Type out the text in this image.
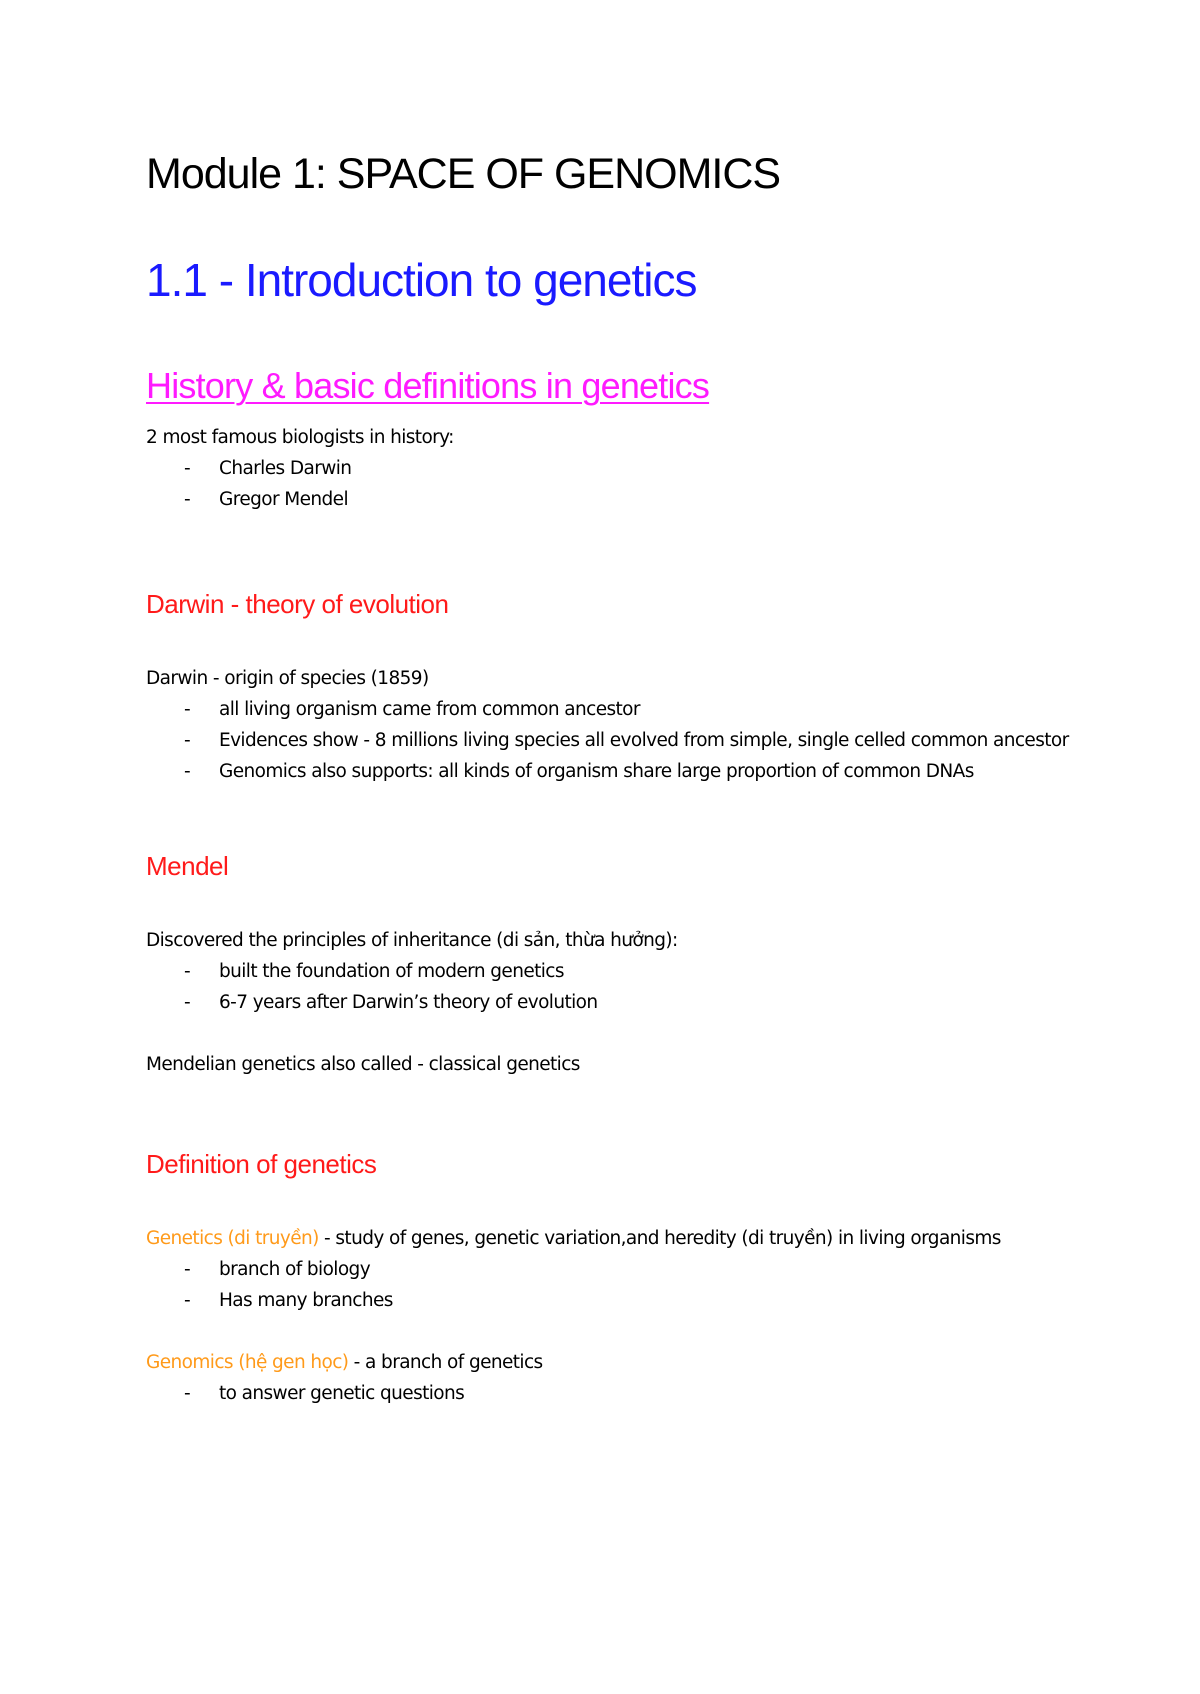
Module 1: SPACE OF GENOMICS
1.1 - Introduction to genetics
History & basic definitions in genetics

2 most famous biologists in history:

- Charles Darwin
- Gregor Mendel
Darwin - theory of evolution

Darwin - origin of species (1859)

- all living organism came from common ancestor
- Evidences show - 8 millions living species all evolved from simple, single celled common ancestor
- Genomics also supports: all kinds of organism share large proportion of common DNAs
Mendel

Discovered the principles of inheritance (di sản, thừa hưởng):

- built the foundation of modern genetics
- 6-7 years after Darwin’s theory of evolution

Mendelian genetics also called - classical genetics

Definition of genetics

Genetics (di truyền) - study of genes, genetic variation,and heredity (di truyền) in living organisms

- branch of biology
- Has many branches

Genomics (hệ gen học) - a branch of genetics

- to answer genetic questions
